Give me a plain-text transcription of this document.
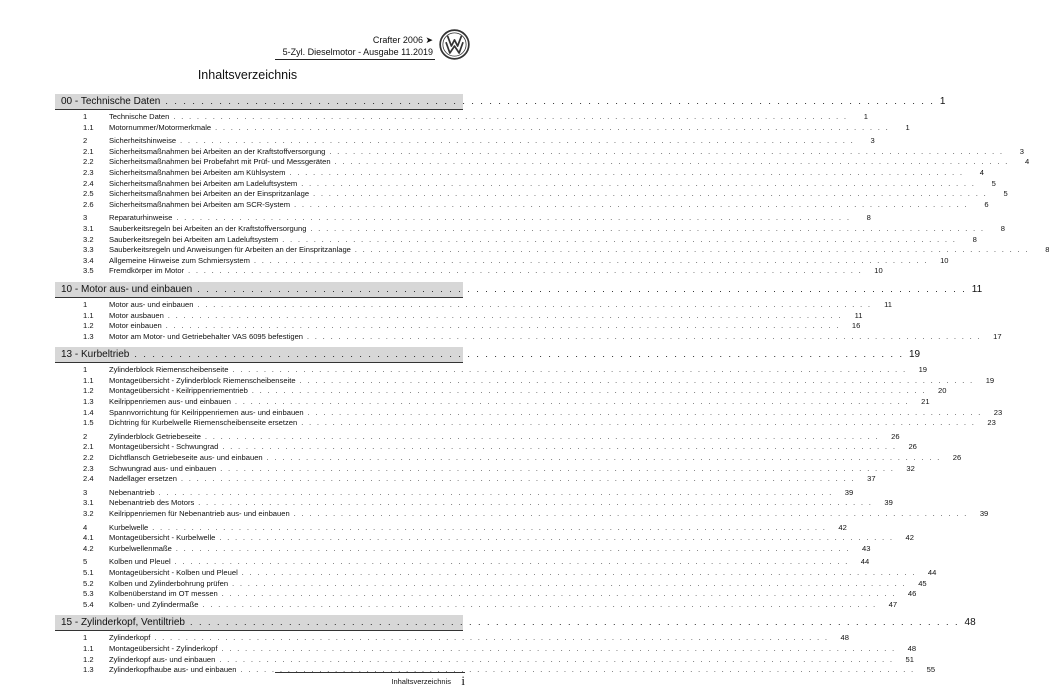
Crafter 2006 ➤
5-Zyl. Dieselmotor - Ausgabe 11.2019
Inhaltsverzeichnis
00 - Technische Daten . . . . . . . . . . . . . . . . . . . . . . . . . . . . . . . . . . . . . . . . . . . . . . . . . . . . . . . . . . . . . . . . . . . . . . . . . . . . . . . . . . . . . . 1
1	Technische Daten . . . . . . . . . . . . . . . . . . . . . . . . . . . . . . . . . . . . . . . . . . . . . . . . . . . . . . . . . . . . . . . . . . . . . . . . . . . . . . . . . . . . . .	1
1.1	Motornummer/Motormerkmale . . . . . . . . . . . . . . . . . . . . . . . . . . . . . . . . . . . . . . . . . . . . . . . . . . . . . . . . . . . . . . . . . . . . . . . . . . . . . . . . . . . . . .	1
2	Sicherheitshinweise . . . . . . . . . . . . . . . . . . . . . . . . . . . . . . . . . . . . . . . . . . . . . . . . . . . . . . . . . . . . . . . . . . . . . . . . . . . . . . . . . . . . . .	3
2.1	Sicherheitsmaßnahmen bei Arbeiten an der Kraftstoffversorgung . . . . . . . . . . . . . . . . . . . . . . . . . . . . . . . . . . . . . . . . . . . . . . . . . . . . . . . . . . . . . . . . . . . . . . . . . . . . . . . . . . . . . .	3
2.2	Sicherheitsmaßnahmen bei Probefahrt mit Prüf- und Messgeräten . . . . . . . . . . . . . . . . . . . . . . . . . . . . . . . . . . . . . . . . . . . . . . . . . . . . . . . . . . . . . . . . . . . . . . . . . . . . . . . . . . . . . .	4
2.3	Sicherheitsmaßnahmen bei Arbeiten am Kühlsystem . . . . . . . . . . . . . . . . . . . . . . . . . . . . . . . . . . . . . . . . . . . . . . . . . . . . . . . . . . . . . . . . . . . . . . . . . . . . . . . . . . . . . .	4
2.4	Sicherheitsmaßnahmen bei Arbeiten am Ladeluftsystem . . . . . . . . . . . . . . . . . . . . . . . . . . . . . . . . . . . . . . . . . . . . . . . . . . . . . . . . . . . . . . . . . . . . . . . . . . . . . . . . . . . . . .	5
2.5	Sicherheitsmaßnahmen bei Arbeiten an der Einspritzanlage . . . . . . . . . . . . . . . . . . . . . . . . . . . . . . . . . . . . . . . . . . . . . . . . . . . . . . . . . . . . . . . . . . . . . . . . . . . . . . . . . . . . . .	5
2.6	Sicherheitsmaßnahmen bei Arbeiten am SCR-System . . . . . . . . . . . . . . . . . . . . . . . . . . . . . . . . . . . . . . . . . . . . . . . . . . . . . . . . . . . . . . . . . . . . . . . . . . . . . . . . . . . . . .	6
3	Reparaturhinweise . . . . . . . . . . . . . . . . . . . . . . . . . . . . . . . . . . . . . . . . . . . . . . . . . . . . . . . . . . . . . . . . . . . . . . . . . . . . . . . . . . . . . .	8
3.1	Sauberkeitsregeln bei Arbeiten an der Kraftstoffversorgung . . . . . . . . . . . . . . . . . . . . . . . . . . . . . . . . . . . . . . . . . . . . . . . . . . . . . . . . . . . . . . . . . . . . . . . . . . . . . . . . . . . . . .	8
3.2	Sauberkeitsregeln bei Arbeiten am Ladeluftsystem . . . . . . . . . . . . . . . . . . . . . . . . . . . . . . . . . . . . . . . . . . . . . . . . . . . . . . . . . . . . . . . . . . . . . . . . . . . . . . . . . . . . . .	8
3.3	Sauberkeitsregeln und Anweisungen für Arbeiten an der Einspritzanlage . . . . . . . . . . . . . . . . . . . . . . . . . . . . . . . . . . . . . . . . . . . . . . . . . . . . . . . . . . . . . . . . . . . . . . . . . . . . . . . . . . . . . .	8
3.4	Allgemeine Hinweise zum Schmiersystem . . . . . . . . . . . . . . . . . . . . . . . . . . . . . . . . . . . . . . . . . . . . . . . . . . . . . . . . . . . . . . . . . . . . . . . . . . . . . . . . . . . . . .	10
3.5	Fremdkörper im Motor . . . . . . . . . . . . . . . . . . . . . . . . . . . . . . . . . . . . . . . . . . . . . . . . . . . . . . . . . . . . . . . . . . . . . . . . . . . . . . . . . . . . . .	10
10 - Motor aus- und einbauen . . . . . . . . . . . . . . . . . . . . . . . . . . . . . . . . . . . . . . . . . . . . . . . . . . . . . . . . . . . . . . . . . . . . . . . . . . . . . . . . . . . . . . 11
1	Motor aus- und einbauen . . . . . . . . . . . . . . . . . . . . . . . . . . . . . . . . . . . . . . . . . . . . . . . . . . . . . . . . . . . . . . . . . . . . . . . . . . . . . . . . . . . . . .	11
1.1	Motor ausbauen . . . . . . . . . . . . . . . . . . . . . . . . . . . . . . . . . . . . . . . . . . . . . . . . . . . . . . . . . . . . . . . . . . . . . . . . . . . . . . . . . . . . . .	11
1.2	Motor einbauen . . . . . . . . . . . . . . . . . . . . . . . . . . . . . . . . . . . . . . . . . . . . . . . . . . . . . . . . . . . . . . . . . . . . . . . . . . . . . . . . . . . . . .	16
1.3	Motor am Motor- und Getriebehalter VAS 6095 befestigen . . . . . . . . . . . . . . . . . . . . . . . . . . . . . . . . . . . . . . . . . . . . . . . . . . . . . . . . . . . . . . . . . . . . . . . . . . . . . . . . . . . . . .	17
13 - Kurbeltrieb . . . . . . . . . . . . . . . . . . . . . . . . . . . . . . . . . . . . . . . . . . . . . . . . . . . . . . . . . . . . . . . . . . . . . . . . . . . . . . . . . . . . . . 19
1	Zylinderblock Riemenscheibenseite . . . . . . . . . . . . . . . . . . . . . . . . . . . . . . . . . . . . . . . . . . . . . . . . . . . . . . . . . . . . . . . . . . . . . . . . . . . . . . . . . . . . . .	19
1.1	Montageübersicht - Zylinderblock Riemenscheibenseite . . . . . . . . . . . . . . . . . . . . . . . . . . . . . . . . . . . . . . . . . . . . . . . . . . . . . . . . . . . . . . . . . . . . . . . . . . . . . . . . . . . . . .	19
1.2	Montageübersicht - Keilrippenriementrieb . . . . . . . . . . . . . . . . . . . . . . . . . . . . . . . . . . . . . . . . . . . . . . . . . . . . . . . . . . . . . . . . . . . . . . . . . . . . . . . . . . . . . .	20
1.3	Keilrippenriemen aus- und einbauen . . . . . . . . . . . . . . . . . . . . . . . . . . . . . . . . . . . . . . . . . . . . . . . . . . . . . . . . . . . . . . . . . . . . . . . . . . . . . . . . . . . . . .	21
1.4	Spannvorrichtung für Keilrippenriemen aus- und einbauen . . . . . . . . . . . . . . . . . . . . . . . . . . . . . . . . . . . . . . . . . . . . . . . . . . . . . . . . . . . . . . . . . . . . . . . . . . . . . . . . . . . . . .	23
1.5	Dichtring für Kurbelwelle Riemenscheibenseite ersetzen . . . . . . . . . . . . . . . . . . . . . . . . . . . . . . . . . . . . . . . . . . . . . . . . . . . . . . . . . . . . . . . . . . . . . . . . . . . . . . . . . . . . . .	23
2	Zylinderblock Getriebeseite . . . . . . . . . . . . . . . . . . . . . . . . . . . . . . . . . . . . . . . . . . . . . . . . . . . . . . . . . . . . . . . . . . . . . . . . . . . . . . . . . . . . . .	26
2.1	Montageübersicht - Schwungrad . . . . . . . . . . . . . . . . . . . . . . . . . . . . . . . . . . . . . . . . . . . . . . . . . . . . . . . . . . . . . . . . . . . . . . . . . . . . . . . . . . . . . .	26
2.2	Dichtflansch Getriebeseite aus- und einbauen . . . . . . . . . . . . . . . . . . . . . . . . . . . . . . . . . . . . . . . . . . . . . . . . . . . . . . . . . . . . . . . . . . . . . . . . . . . . . . . . . . . . . .	26
2.3	Schwungrad aus- und einbauen . . . . . . . . . . . . . . . . . . . . . . . . . . . . . . . . . . . . . . . . . . . . . . . . . . . . . . . . . . . . . . . . . . . . . . . . . . . . . . . . . . . . . .	32
2.4	Nadellager ersetzen . . . . . . . . . . . . . . . . . . . . . . . . . . . . . . . . . . . . . . . . . . . . . . . . . . . . . . . . . . . . . . . . . . . . . . . . . . . . . . . . . . . . . .	37
3	Nebenantrieb . . . . . . . . . . . . . . . . . . . . . . . . . . . . . . . . . . . . . . . . . . . . . . . . . . . . . . . . . . . . . . . . . . . . . . . . . . . . . . . . . . . . . .	39
3.1	Nebenantrieb des Motors . . . . . . . . . . . . . . . . . . . . . . . . . . . . . . . . . . . . . . . . . . . . . . . . . . . . . . . . . . . . . . . . . . . . . . . . . . . . . . . . . . . . . .	39
3.2	Keilrippenriemen für Nebenantrieb aus- und einbauen . . . . . . . . . . . . . . . . . . . . . . . . . . . . . . . . . . . . . . . . . . . . . . . . . . . . . . . . . . . . . . . . . . . . . . . . . . . . . . . . . . . . . .	39
4	Kurbelwelle . . . . . . . . . . . . . . . . . . . . . . . . . . . . . . . . . . . . . . . . . . . . . . . . . . . . . . . . . . . . . . . . . . . . . . . . . . . . . . . . . . . . . .	42
4.1	Montageübersicht - Kurbelwelle . . . . . . . . . . . . . . . . . . . . . . . . . . . . . . . . . . . . . . . . . . . . . . . . . . . . . . . . . . . . . . . . . . . . . . . . . . . . . . . . . . . . . .	42
4.2	Kurbelwellenmaße . . . . . . . . . . . . . . . . . . . . . . . . . . . . . . . . . . . . . . . . . . . . . . . . . . . . . . . . . . . . . . . . . . . . . . . . . . . . . . . . . . . . . .	43
5	Kolben und Pleuel . . . . . . . . . . . . . . . . . . . . . . . . . . . . . . . . . . . . . . . . . . . . . . . . . . . . . . . . . . . . . . . . . . . . . . . . . . . . . . . . . . . . . .	44
5.1	Montageübersicht - Kolben und Pleuel . . . . . . . . . . . . . . . . . . . . . . . . . . . . . . . . . . . . . . . . . . . . . . . . . . . . . . . . . . . . . . . . . . . . . . . . . . . . . . . . . . . . . .	44
5.2	Kolben und Zylinderbohrung prüfen . . . . . . . . . . . . . . . . . . . . . . . . . . . . . . . . . . . . . . . . . . . . . . . . . . . . . . . . . . . . . . . . . . . . . . . . . . . . . . . . . . . . . .	45
5.3	Kolbenüberstand im OT messen . . . . . . . . . . . . . . . . . . . . . . . . . . . . . . . . . . . . . . . . . . . . . . . . . . . . . . . . . . . . . . . . . . . . . . . . . . . . . . . . . . . . . .	46
5.4	Kolben- und Zylindermaße . . . . . . . . . . . . . . . . . . . . . . . . . . . . . . . . . . . . . . . . . . . . . . . . . . . . . . . . . . . . . . . . . . . . . . . . . . . . . . . . . . . . . .	47
15 - Zylinderkopf, Ventiltrieb . . . . . . . . . . . . . . . . . . . . . . . . . . . . . . . . . . . . . . . . . . . . . . . . . . . . . . . . . . . . . . . . . . . . . . . . . . . . . . . . . . . . . . 48
1	Zylinderkopf . . . . . . . . . . . . . . . . . . . . . . . . . . . . . . . . . . . . . . . . . . . . . . . . . . . . . . . . . . . . . . . . . . . . . . . . . . . . . . . . . . . . . .	48
1.1	Montageübersicht - Zylinderkopf . . . . . . . . . . . . . . . . . . . . . . . . . . . . . . . . . . . . . . . . . . . . . . . . . . . . . . . . . . . . . . . . . . . . . . . . . . . . . . . . . . . . . .	48
1.2	Zylinderkopf aus- und einbauen . . . . . . . . . . . . . . . . . . . . . . . . . . . . . . . . . . . . . . . . . . . . . . . . . . . . . . . . . . . . . . . . . . . . . . . . . . . . . . . . . . . . . .	51
1.3	Zylinderkopfhaube aus- und einbauen . . . . . . . . . . . . . . . . . . . . . . . . . . . . . . . . . . . . . . . . . . . . . . . . . . . . . . . . . . . . . . . . . . . . . . . . . . . . . . . . . . . . . .	55
Inhaltsverzeichnis i
